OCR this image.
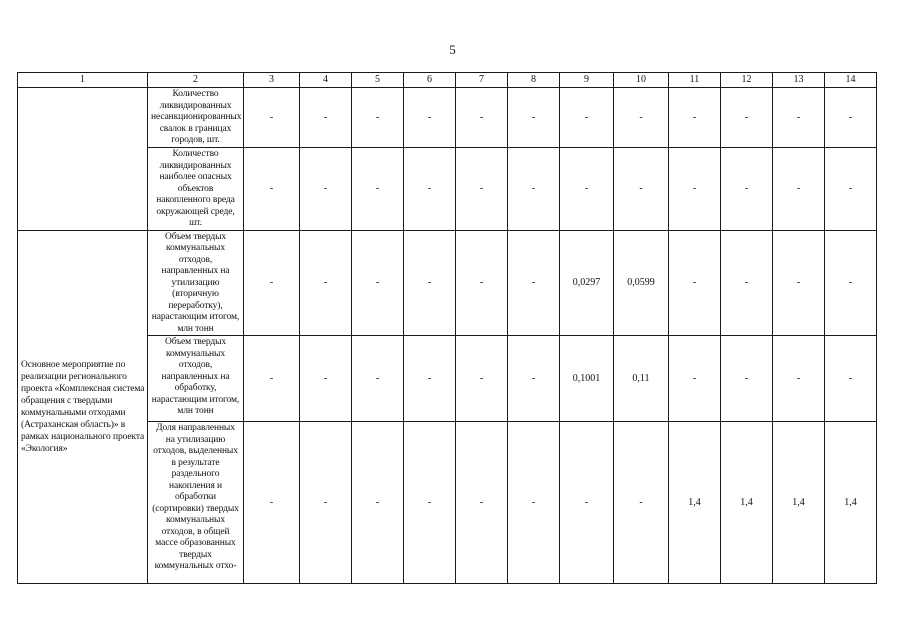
5
1	2	3	4	5	6	7	8	9	10	11	12	13	14
	Количество ликвидированных несанкционированных свалок в границах городов, шт.	-	-	-	-	-	-	-	-	-	-	-	-
	Количество ликвидированных наиболее опасных объектов накопленного вреда окружающей среде, шт.	-	-	-	-	-	-	-	-	-	-	-	-
Основное мероприятие по реализации регионального проекта «Комплексная система обращения с твердыми коммунальными отходами (Астраханская область)» в рамках национального проекта «Экология»	Объем твердых коммунальных отходов, направленных на утилизацию (вторичную переработку), нарастающим итогом, млн тонн	-	-	-	-	-	-	0,0297	0,0599	-	-	-	-
	Объем твердых коммунальных отходов, направленных на обработку, нарастающим итогом, млн тонн	-	-	-	-	-	-	0,1001	0,11	-	-	-	-

	Доля направленных на утилизацию отходов, выделенных в результате раздельного накопления и обработки (сортировки) твердых коммунальных отходов, в общей массе образованных твердых коммунальных отхо-	-	-	-	-	-	-	-	-	1,4	1,4	1,4	1,4
